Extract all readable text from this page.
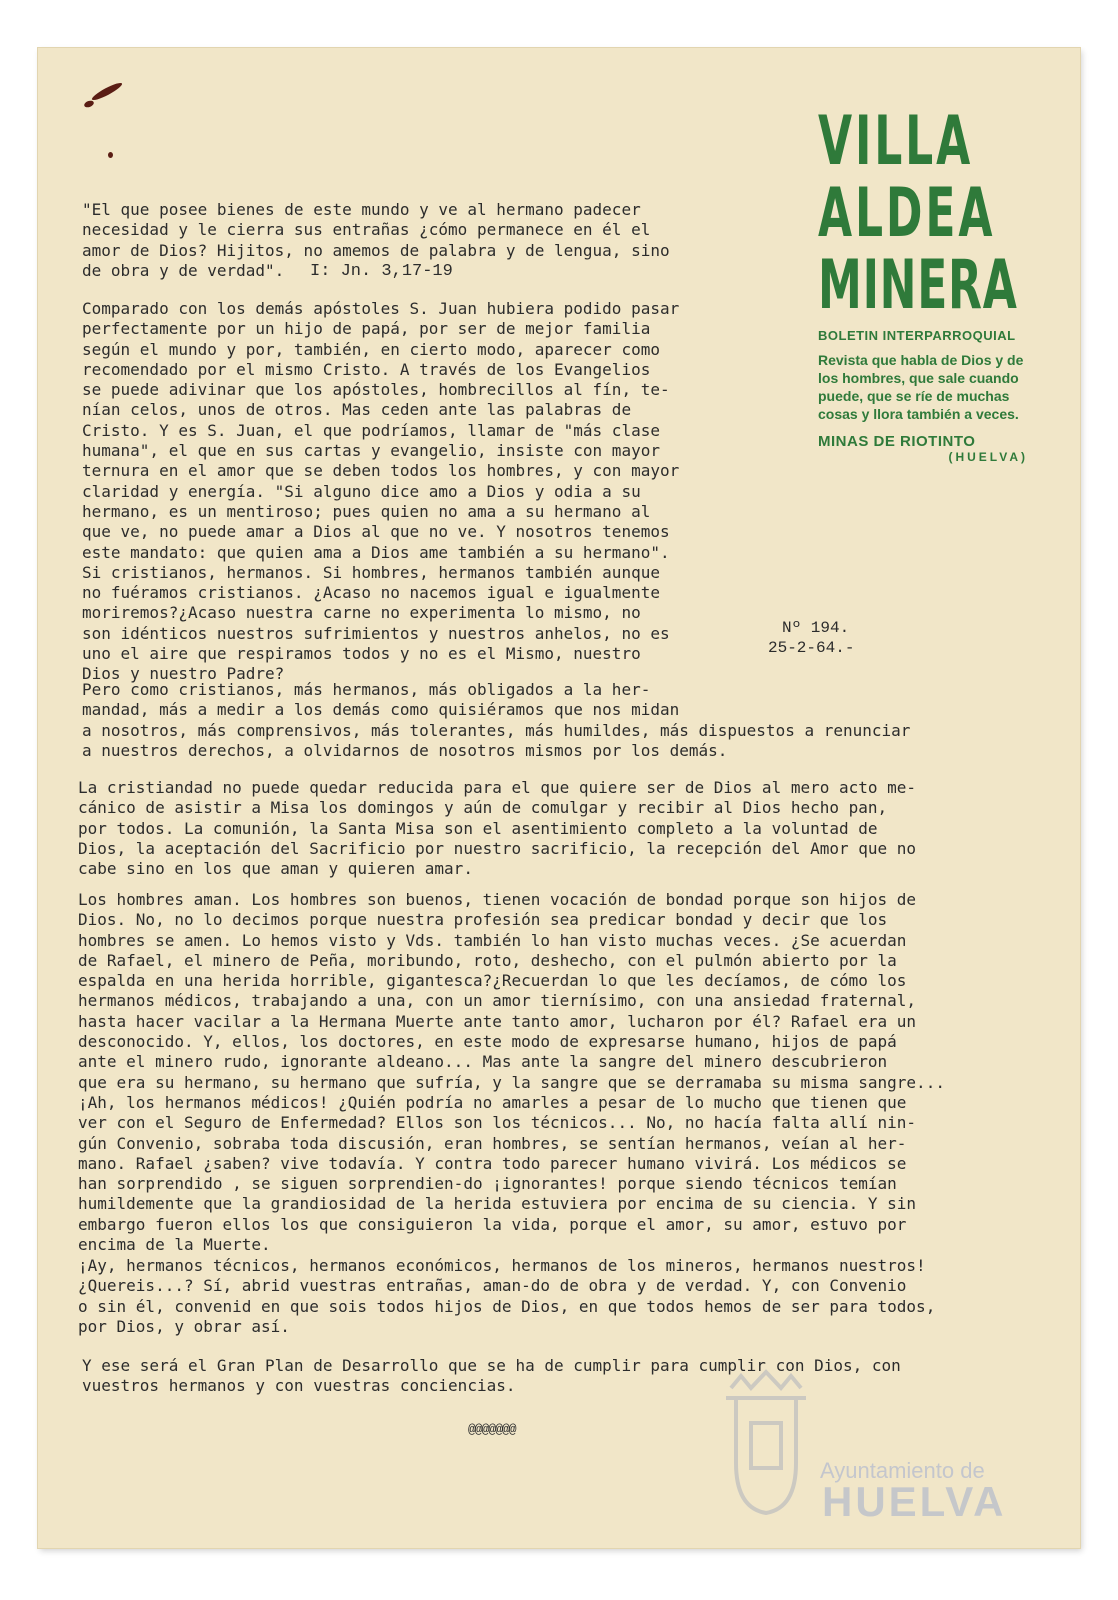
VILLA
ALDEA
MINERA
BOLETIN INTERPARROQUIAL
Revista que habla de Dios y de los hombres, que sale cuando puede, que se ríe de muchas cosas y llora también a veces.
MINAS DE RIOTINTO
(HUELVA)
"El que posee bienes de este mundo y ve al hermano padecer
necesidad y le cierra sus entrañas ¿cómo permanece en él el
amor de Dios? Hijitos, no amemos de palabra y de lengua, sino
de obra y de verdad".	I: Jn. 3,17-19
Comparado con los demás apóstoles S. Juan hubiera podido pasar
perfectamente por un hijo de papá, por ser de mejor familia
según el mundo y por, también, en cierto modo, aparecer como
recomendado por el mismo Cristo. A través de los Evangelios
se puede adivinar que los apóstoles, hombrecillos al fín, te-
nían celos, unos de otros. Mas ceden ante las palabras de
Cristo. Y es S. Juan, el que podríamos, llamar de "más clase
humana", el que en sus cartas y evangelio, insiste con mayor
ternura en el amor que se deben todos los hombres, y con mayor
claridad y energía. "Si alguno dice amo a Dios y odia a su
hermano, es un mentiroso; pues quien no ama a su hermano al
que ve, no puede amar a Dios al que no ve. Y nosotros tenemos
este mandato: que quien ama a Dios ame también a su hermano".
Si cristianos, hermanos. Si hombres, hermanos también aunque
no fuéramos cristianos. ¿Acaso no nacemos igual e igualmente
moriremos?¿Acaso nuestra carne no experimenta lo mismo, no
son idénticos nuestros sufrimientos y nuestros anhelos, no es
uno el aire que respiramos todos y no es el Mismo, nuestro
Dios y nuestro Padre?
Pero como cristianos, más hermanos, más obligados a la her-
mandad, más a medir a los demás como quisiéramos que nos midan
a nosotros, más comprensivos, más tolerantes, más humildes, más dispuestos a renunciar
a nuestros derechos, a olvidarnos de nosotros mismos por los demás.
Nº 194.
25-2-64.-
La cristiandad no puede quedar reducida para el que quiere ser de Dios al mero acto me-
cánico de asistir a Misa los domingos y aún de comulgar y recibir al Dios hecho pan,
por todos. La comunión, la Santa Misa son el asentimiento completo a la voluntad de
Dios, la aceptación del Sacrificio por nuestro sacrificio, la recepción del Amor que no
cabe sino en los que aman y quieren amar.
Los hombres aman. Los hombres son buenos, tienen vocación de bondad porque son hijos de
Dios. No, no lo decimos porque nuestra profesión sea predicar bondad y decir que los
hombres se amen. Lo hemos visto y Vds. también lo han visto muchas veces. ¿Se acuerdan
de Rafael, el minero de Peña, moribundo, roto, deshecho, con el pulmón abierto por la
espalda en una herida horrible, gigantesca?¿Recuerdan lo que les decíamos, de cómo los
hermanos médicos, trabajando a una, con un amor tiernísimo, con una ansiedad fraternal,
hasta hacer vacilar a la Hermana Muerte ante tanto amor, lucharon por él? Rafael era un
desconocido. Y, ellos, los doctores, en este modo de expresarse humano, hijos de papá
ante el minero rudo, ignorante aldeano... Mas ante la sangre del minero descubrieron
que era su hermano, su hermano que sufría, y la sangre que se derramaba su misma sangre...
¡Ah, los hermanos médicos! ¿Quién podría no amarles a pesar de lo mucho que tienen que
ver con el Seguro de Enfermedad? Ellos son los técnicos... No, no hacía falta allí nin-
gún Convenio, sobraba toda discusión, eran hombres, se sentían hermanos, veían al her-
mano. Rafael ¿saben? vive todavía. Y contra todo parecer humano vivirá. Los médicos se
han sorprendido , se siguen sorprendien-do ¡ignorantes! porque siendo técnicos temían
humildemente que la grandiosidad de la herida estuviera por encima de su ciencia. Y sin
embargo fueron ellos los que consiguieron la vida, porque el amor, su amor, estuvo por
encima de la Muerte.
¡Ay, hermanos técnicos, hermanos económicos, hermanos de los mineros, hermanos nuestros!
¿Quereis...? Sí, abrid vuestras entrañas, aman-do de obra y de verdad. Y, con Convenio
o sin él, convenid en que sois todos hijos de Dios, en que todos hemos de ser para todos,
por Dios, y obrar así.
Y ese será el Gran Plan de Desarrollo que se ha de cumplir para cumplir con Dios, con
vuestros hermanos y con vuestras conciencias.
@@@@@@@
Ayuntamiento de
HUELVA
